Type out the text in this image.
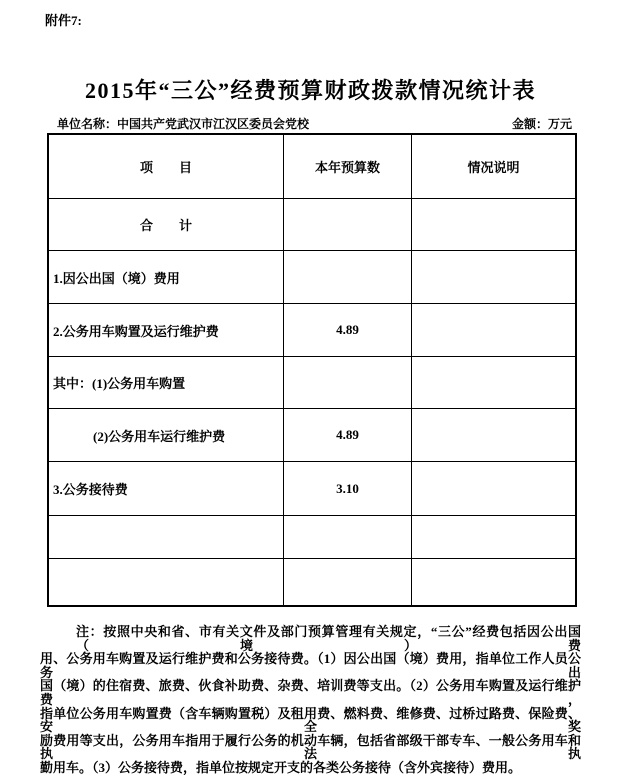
附件7:
2015年“三公”经费预算财政拨款情况统计表
单位名称：中国共产党武汉市江汉区委员会党校	金额：万元
项　　目	本年预算数	情况说明
合　　计
1.因公出国（境）费用
2.公务用车购置及运行维护费	4.89
其中：(1)公务用车购置
(2)公务用车运行维护费	4.89
3.公务接待费	3.10
注：按照中央和省、市有关文件及部门预算管理有关规定，“三公”经费包括因公出国（境）费
用、公务用车购置及运行维护费和公务接待费。（1）因公出国（境）费用，指单位工作人员公务出
国（境）的住宿费、旅费、伙食补助费、杂费、培训费等支出。（2）公务用车购置及运行维护费，
指单位公务用车购置费（含车辆购置税）及租用费、燃料费、维修费、过桥过路费、保险费、安全奖
励费用等支出，公务用车指用于履行公务的机动车辆，包括省部级干部专车、一般公务用车和执法执
勤用车。（3）公务接待费，指单位按规定开支的各类公务接待（含外宾接待）费用。
